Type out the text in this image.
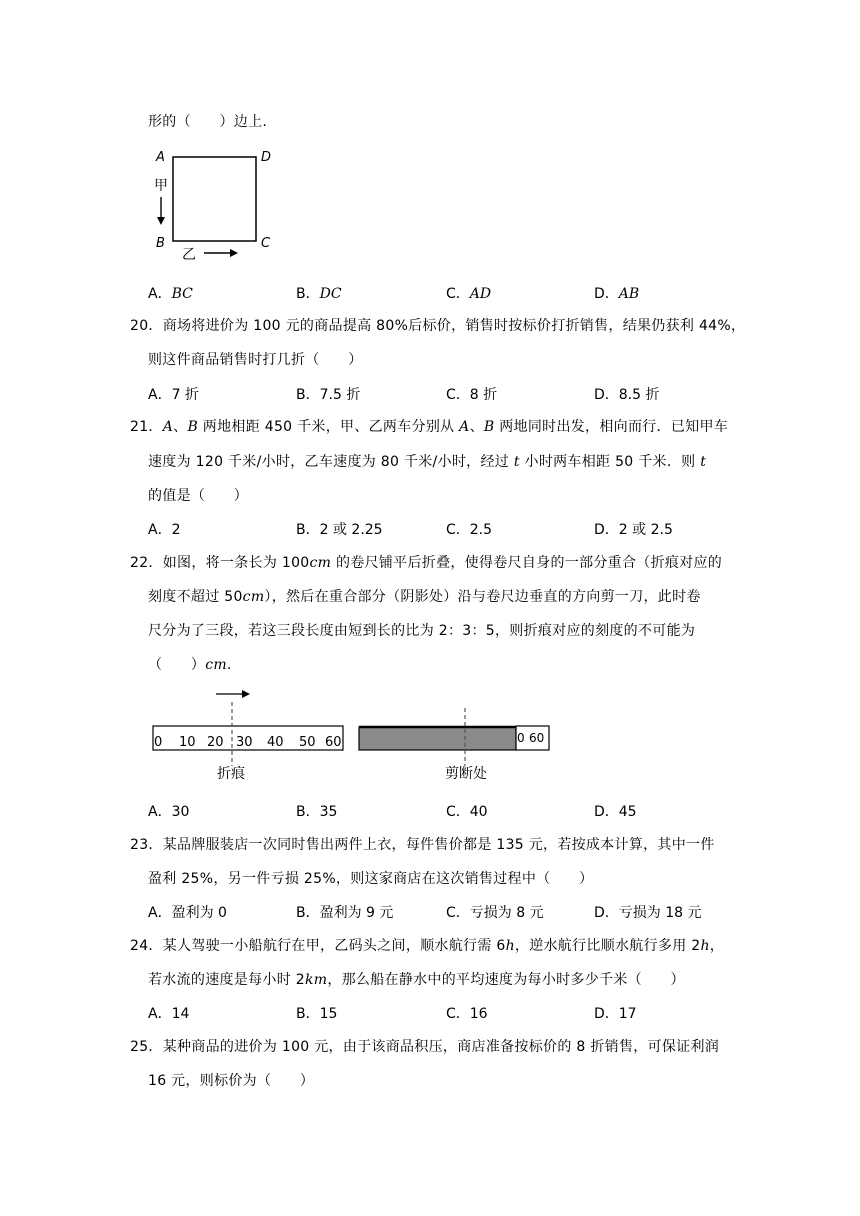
形的（　　）边上.
A	D
B	C
甲
乙
A．BC	B．DC	C．AD	D．AB
20．商场将进价为 100 元的商品提高 80%后标价，销售时按标价打折销售，结果仍获利 44%，
则这件商品销售时打几折（　　）
A．7 折	B．7.5 折	C．8 折	D．8.5 折
21．A、B 两地相距 450 千米，甲、乙两车分别从 A、B 两地同时出发，相向而行．已知甲车
速度为 120 千米/小时，乙车速度为 80 千米/小时，经过 t 小时两车相距 50 千米．则 t
的值是（　　）
A．2	B．2 或 2.25	C．2.5	D．2 或 2.5
22．如图，将一条长为 100cm 的卷尺铺平后折叠，使得卷尺自身的一部分重合（折痕对应的
刻度不超过 50cm），然后在重合部分（阴影处）沿与卷尺边垂直的方向剪一刀，此时卷
尺分为了三段，若这三段长度由短到长的比为 2：3：5，则折痕对应的刻度的不可能为
（　　）cm.
0 10 20 30 40 50 60
折痕
0 60
剪断处
A．30	B．35	C．40	D．45
23．某品牌服装店一次同时售出两件上衣，每件售价都是 135 元，若按成本计算，其中一件
盈利 25%，另一件亏损 25%，则这家商店在这次销售过程中（　　）
A．盈利为 0	B．盈利为 9 元	C．亏损为 8 元	D．亏损为 18 元
24．某人驾驶一小船航行在甲，乙码头之间，顺水航行需 6h，逆水航行比顺水航行多用 2h，
若水流的速度是每小时 2km，那么船在静水中的平均速度为每小时多少千米（　　）
A．14	B．15	C．16	D．17
25．某种商品的进价为 100 元，由于该商品积压，商店准备按标价的 8 折销售，可保证利润
16 元，则标价为（　　）
